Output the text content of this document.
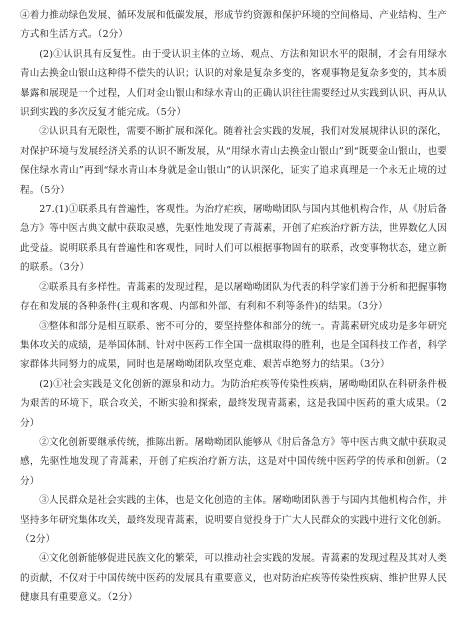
④着力推动绿色发展、循环发展和低碳发展，形成节约资源和保护环境的空间格局、产业结构、生产方式和生活方式。（2分）

(2)①认识具有反复性。由于受认识主体的立场、观点、方法和知识水平的限制，才会有用绿水青山去换金山银山这种得不偿失的认识；认识的对象是复杂多变的，客观事物是复杂多变的，其本质暴露和展现是一个过程，人们对金山银山和绿水青山的正确认识往往需要经过从实践到认识、再从认识到实践的多次反复才能完成。（5分）

②认识具有无限性，需要不断扩展和深化。随着社会实践的发展，我们对发展规律认识的深化，对保护环境与发展经济关系的认识不断发展，从“用绿水青山去换金山银山”到“既要金山银山，也要保住绿水青山”再到“绿水青山本身就是金山银山”的认识深化，证实了追求真理是一个永无止境的过程。（5分）

27.(1)①联系具有普遍性，客观性。为治疗疟疾，屠呦呦团队与国内其他机构合作，从《肘后备急方》等中医古典文献中获取灵感，先驱性地发现了青蒿素，开创了疟疾治疗新方法，世界数亿人因此受益。说明联系具有普遍性和客观性，同时人们可以根据事物固有的联系，改变事物状态，建立新的联系。（3分）

②联系具有多样性。青蒿素的发现过程，是以屠呦呦团队为代表的科学家们善于分析和把握事物存在和发展的各种条件(主观和客观、内部和外部、有利和不利等条件)的结果。（3分）

③整体和部分是相互联系、密不可分的，要坚持整体和部分的统一。青蒿素研究成功是多年研究集体攻关的成绩，是举国体制、针对中医药工作全国一盘棋取得的胜利，也是全国科技工作者，科学家群体共同努力的成果，同时也是屠呦呦团队攻坚克难、艰苦卓绝努力的结果。（3分）

(2)①社会实践是文化创新的源泉和动力。为防治疟疾等传染性疾病，屠呦呦团队在科研条件极为艰苦的环境下，联合攻关，不断实验和探索，最终发现青蒿素，这是我国中医药的重大成果。（2分）

②文化创新要继承传统，推陈出新。屠呦呦团队能够从《肘后备急方》等中医古典文献中获取灵感，先驱性地发现了青蒿素，开创了疟疾治疗新方法，这是对中国传统中医药学的传承和创新。（2分）

③人民群众是社会实践的主体，也是文化创造的主体。屠呦呦团队善于与国内其他机构合作，并坚持多年研究集体攻关，最终发现青蒿素，说明要自觉投身于广大人民群众的实践中进行文化创新。（2分）

④文化创新能够促进民族文化的繁荣，可以推动社会实践的发展。青蒿素的发现过程及其对人类的贡献，不仅对于中国传统中医药的发展具有重要意义，也对防治疟疾等传染性疾病、维护世界人民健康具有重要意义。（2分）
